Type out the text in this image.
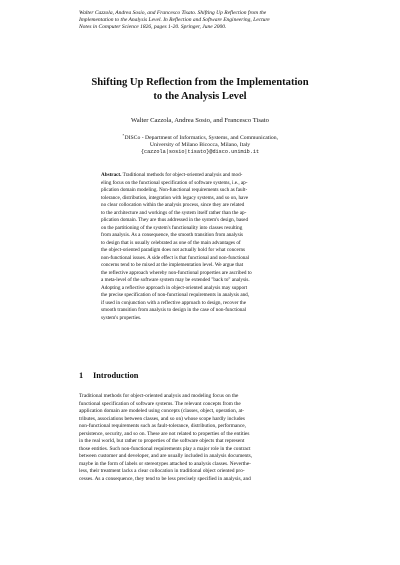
Walter Cazzola, Andrea Sosio, and Francesco Tisato. Shifting Up Reflection from the
Implementation to the Analysis Level. In Reflection and Software Engineering, Lecture
Notes in Computer Science 1826, pages 1-20. Springer, June 2000.
Shifting Up Reflection from the Implementation
to the Analysis Level
Walter Cazzola, Andrea Sosio, and Francesco Tisato
⋆DISCo - Department of Informatics, Systems, and Communication,
University of Milano Bicocca, Milano, Italy
{cazzola|sosio|tisato}@disco.unimib.it
Abstract. Traditional methods for object-oriented analysis and mod-
eling focus on the functional specification of software systems, i.e., ap-
plication domain modeling. Non-functional requirements such as fault-
tolerance, distribution, integration with legacy systems, and so on, have
no clear collocation within the analysis process, since they are related
to the architecture and workings of the system itself rather than the ap-
plication domain. They are thus addressed in the system's design, based
on the partitioning of the system's functionality into classes resulting
from analysis. As a consequence, the smooth transition from analysis
to design that is usually celebrated as one of the main advantages of
the object-oriented paradigm does not actually hold for what concerns
non-functional issues. A side effect is that functional and non-functional
concerns tend to be mixed at the implementation level. We argue that
the reflective approach whereby non-functional properties are ascribed to
a meta-level of the software system may be extended "back to" analysis.
Adopting a reflective approach in object-oriented analysis may support
the precise specification of non-functional requirements in analysis and,
if used in conjunction with a reflective approach to design, recover the
smooth transition from analysis to design in the case of non-functional
system's properties.
1 Introduction
Traditional methods for object-oriented analysis and modeling focus on the
functional specification of software systems. The relevant concepts from the
application domain are modeled using concepts (classes, object, operation, at-
tributes, associations between classes, and so on) whose scope hardly includes
non-functional requirements such as fault-tolerance, distribution, performance,
persistence, security, and so on. These are not related to properties of the entities
in the real world, but rather to properties of the software objects that represent
those entities. Such non-functional requirements play a major role in the contract
between customer and developer, and are usually included in analysis documents,
maybe in the form of labels or stereotypes attached to analysis classes. Neverthe-
less, their treatment lacks a clear collocation in traditional object oriented pro-
cesses. As a consequence, they tend to be less precisely specified in analysis, and
